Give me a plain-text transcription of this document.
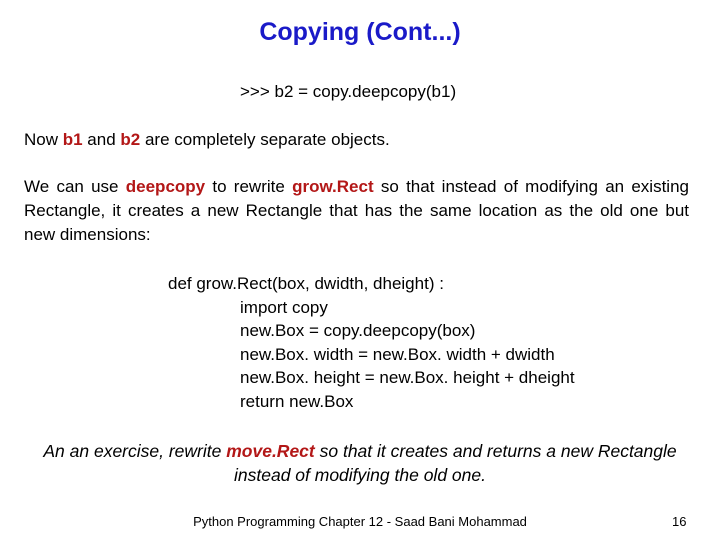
Copying (Cont...)
>>> b2 = copy.deepcopy(b1)
Now b1 and b2 are completely separate objects.
We can use deepcopy to rewrite grow.Rect so that instead of modifying an existing Rectangle, it creates a new Rectangle that has the same location as the old one but new dimensions:
def grow.Rect(box, dwidth, dheight) :
import copy
new.Box = copy.deepcopy(box)
new.Box. width = new.Box. width + dwidth
new.Box. height = new.Box. height + dheight
return new.Box
An an exercise, rewrite move.Rect so that it creates and returns a new Rectangle instead of modifying the old one.
Python Programming Chapter 12 - Saad Bani Mohammad	16
